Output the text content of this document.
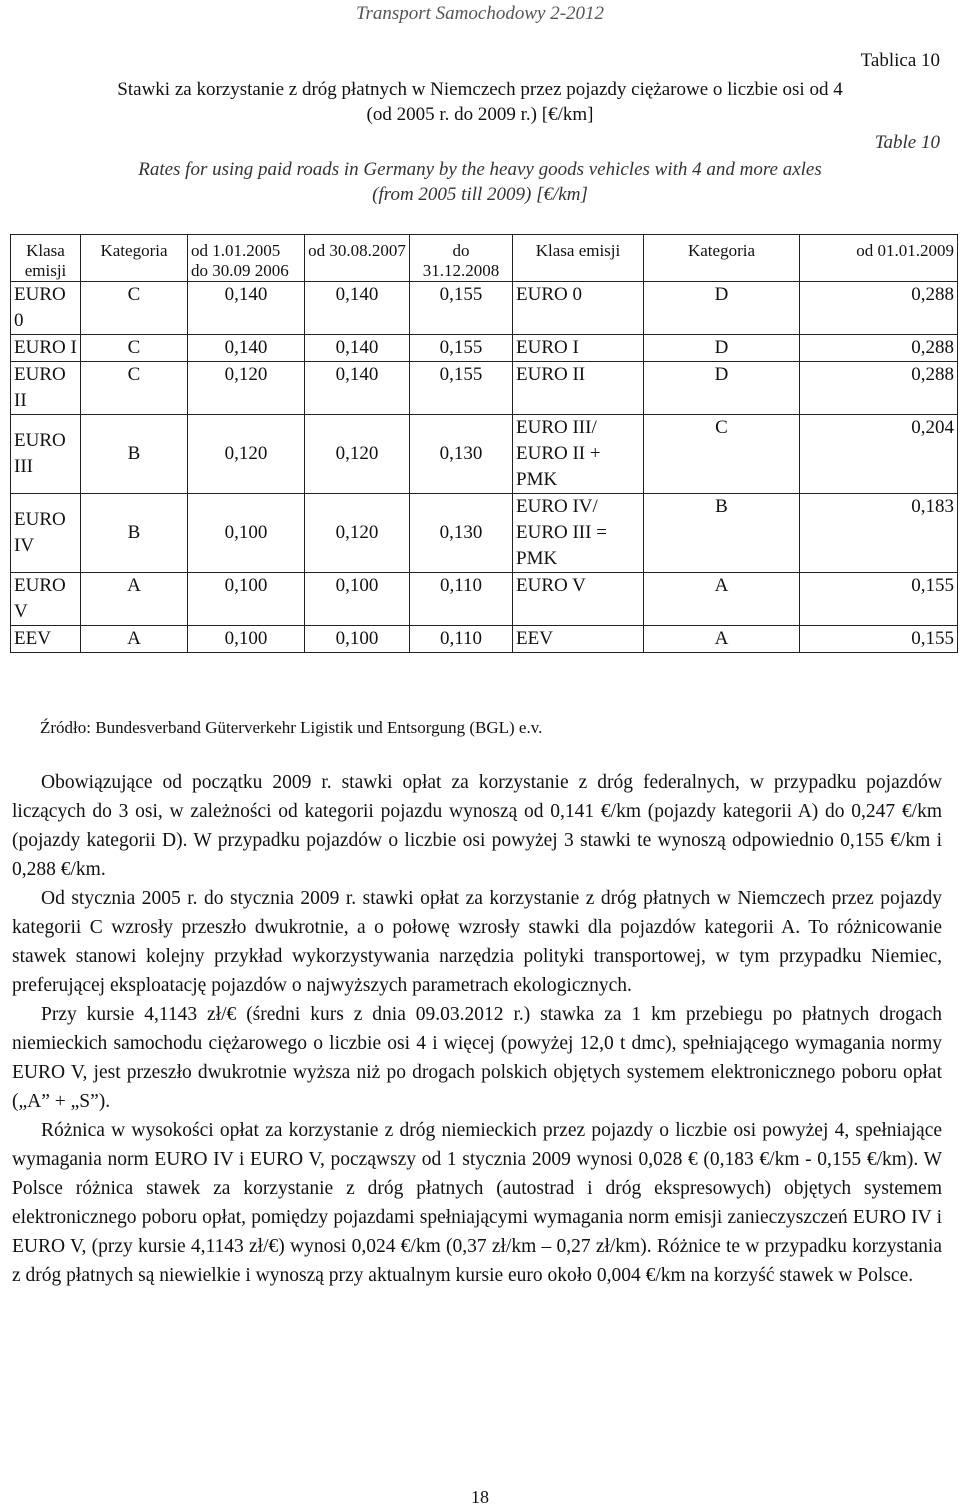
Transport Samochodowy 2-2012
Tablica 10
Stawki za korzystanie z dróg płatnych w Niemczech przez pojazdy ciężarowe o liczbie osi od 4
(od 2005 r. do 2009 r.) [€/km]
Table 10
Rates for using paid roads in Germany by the heavy goods vehicles with 4 and more axles
(from 2005 till 2009) [€/km]
Klasa emisji	Kategoria	od 1.01.2005 do 30.09 2006	od 30.08.2007	do 31.12.2008	Klasa emisji	Kategoria	od 01.01.2009
EURO 0	C	0,140	0,140	0,155	EURO 0	D	0,288
EURO I	C	0,140	0,140	0,155	EURO I	D	0,288
EURO II	C	0,120	0,140	0,155	EURO II	D	0,288
EURO III	B	0,120	0,120	0,130	EURO III/ EURO II + PMK	C	0,204
EURO IV	B	0,100	0,120	0,130	EURO IV/ EURO III = PMK	B	0,183
EURO V	A	0,100	0,100	0,110	EURO V	A	0,155
EEV	A	0,100	0,100	0,110	EEV	A	0,155
Źródło: Bundesverband Güterverkehr Ligistik und Entsorgung (BGL) e.v.

Obowiązujące od początku 2009 r. stawki opłat za korzystanie z dróg federalnych, w przypadku pojazdów liczących do 3 osi, w zależności od kategorii pojazdu wynoszą od 0,141 €/km (pojazdy kategorii A) do 0,247 €/km (pojazdy kategorii D). W przypadku pojazdów o liczbie osi powyżej 3 stawki te wynoszą odpowiednio 0,155 €/km i 0,288 €/km.

Od stycznia 2005 r. do stycznia 2009 r. stawki opłat za korzystanie z dróg płatnych w Niemczech przez pojazdy kategorii C wzrosły przeszło dwukrotnie, a o połowę wzrosły stawki dla pojazdów kategorii A. To różnicowanie stawek stanowi kolejny przykład wykorzystywania narzędzia polityki transportowej, w tym przypadku Niemiec, preferującej eksploatację pojazdów o najwyższych parametrach ekologicznych.

Przy kursie 4,1143 zł/€ (średni kurs z dnia 09.03.2012 r.) stawka za 1 km przebiegu po płatnych drogach niemieckich samochodu ciężarowego o liczbie osi 4 i więcej (powyżej 12,0 t dmc), spełniającego wymagania normy EURO V, jest przeszło dwukrotnie wyższa niż po drogach polskich objętych systemem elektronicznego poboru opłat („A” + „S”).

Różnica w wysokości opłat za korzystanie z dróg niemieckich przez pojazdy o liczbie osi powyżej 4, spełniające wymagania norm EURO IV i EURO V, począwszy od 1 stycznia 2009 wynosi 0,028 € (0,183 €/km - 0,155 €/km). W Polsce różnica stawek za korzystanie z dróg płatnych (autostrad i dróg ekspresowych) objętych systemem elektronicznego poboru opłat, pomiędzy pojazdami spełniającymi wymagania norm emisji zanieczyszczeń EURO IV i EURO V, (przy kursie 4,1143 zł/€) wynosi 0,024 €/km (0,37 zł/km – 0,27 zł/km). Różnice te w przypadku korzystania z dróg płatnych są niewielkie i wynoszą przy aktualnym kursie euro około 0,004 €/km na korzyść stawek w Polsce.

18
